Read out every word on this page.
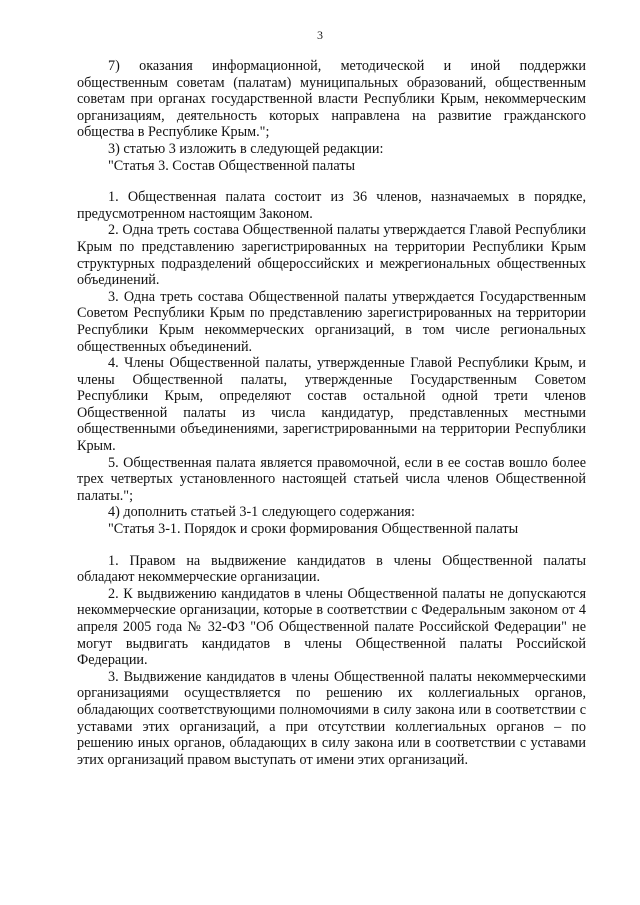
3

7) оказания информационной, методической и иной поддержки общественным советам (палатам) муниципальных образований, общественным советам при органах государственной власти Республики Крым, некоммерческим организациям, деятельность которых направлена на развитие гражданского общества в Республике Крым.";

3) статью 3 изложить в следующей редакции:

"Статья 3. Состав Общественной палаты

1. Общественная палата состоит из 36 членов, назначаемых в порядке, предусмотренном настоящим Законом.

2. Одна треть состава Общественной палаты утверждается Главой Республики Крым по представлению зарегистрированных на территории Республики Крым структурных подразделений общероссийских и межрегиональных общественных объединений.

3. Одна треть состава Общественной палаты утверждается Государственным Советом Республики Крым по представлению зарегистрированных на территории Республики Крым некоммерческих организаций, в том числе региональных общественных объединений.

4. Члены Общественной палаты, утвержденные Главой Республики Крым, и члены Общественной палаты, утвержденные Государственным Советом Республики Крым, определяют состав остальной одной трети членов Общественной палаты из числа кандидатур, представленных местными общественными объединениями, зарегистрированными на территории Республики Крым.

5. Общественная палата является правомочной, если в ее состав вошло более трех четвертых установленного настоящей статьей числа членов Общественной палаты.";

4) дополнить статьей 3-1 следующего содержания:

"Статья 3-1. Порядок и сроки формирования Общественной палаты

1. Правом на выдвижение кандидатов в члены Общественной палаты обладают некоммерческие организации.

2. К выдвижению кандидатов в члены Общественной палаты не допускаются некоммерческие организации, которые в соответствии с Федеральным законом от 4 апреля 2005 года № 32-ФЗ "Об Общественной палате Российской Федерации" не могут выдвигать кандидатов в члены Общественной палаты Российской Федерации.

3. Выдвижение кандидатов в члены Общественной палаты некоммерческими организациями осуществляется по решению их коллегиальных органов, обладающих соответствующими полномочиями в силу закона или в соответствии с уставами этих организаций, а при отсутствии коллегиальных органов – по решению иных органов, обладающих в силу закона или в соответствии с уставами этих организаций правом выступать от имени этих организаций.
